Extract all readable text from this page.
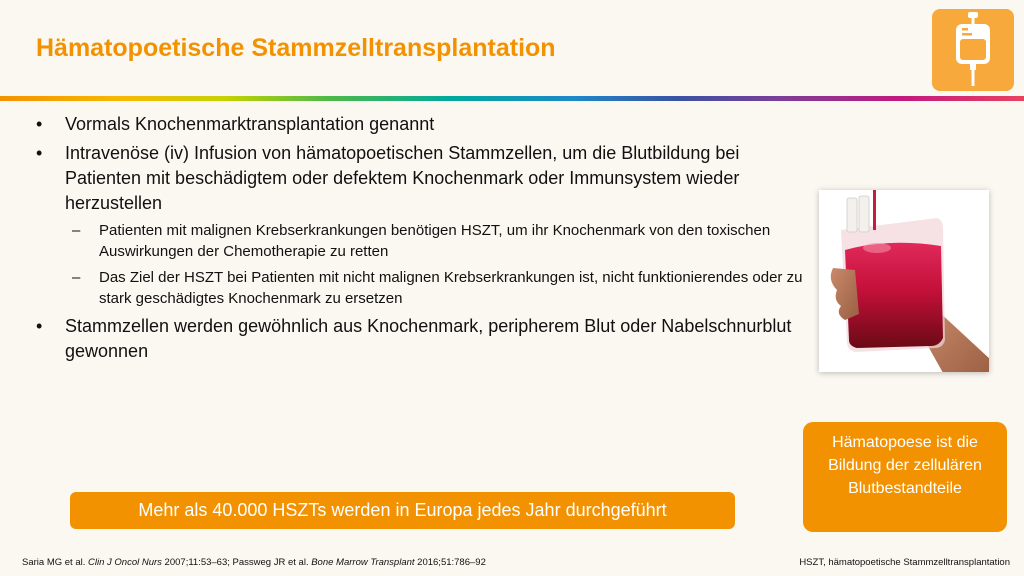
Hämatopoetische Stammzelltransplantation
• Vormals Knochenmarktransplantation genannt
• Intravenöse (iv) Infusion von hämatopoetischen Stammzellen, um die Blutbildung bei Patienten mit beschädigtem oder defektem Knochenmark oder Immunsystem wieder herzustellen
– Patienten mit malignen Krebserkrankungen benötigen HSZT, um ihr Knochenmark von den toxischen Auswirkungen der Chemotherapie zu retten
– Das Ziel der HSZT bei Patienten mit nicht malignen Krebserkrankungen ist, nicht funktionierendes oder zu stark geschädigtes Knochenmark zu ersetzen
• Stammzellen werden gewöhnlich aus Knochenmark, peripherem Blut oder Nabelschnurblut gewonnen
Mehr als 40.000 HSZTs werden in Europa jedes Jahr durchgeführt
Hämatopoese ist die Bildung der zellulären Blutbestandteile
Saria MG et al. Clin J Oncol Nurs 2007;11:53–63; Passweg JR et al. Bone Marrow Transplant 2016;51:786–92	HSZT, hämatopoetische Stammzelltransplantation
